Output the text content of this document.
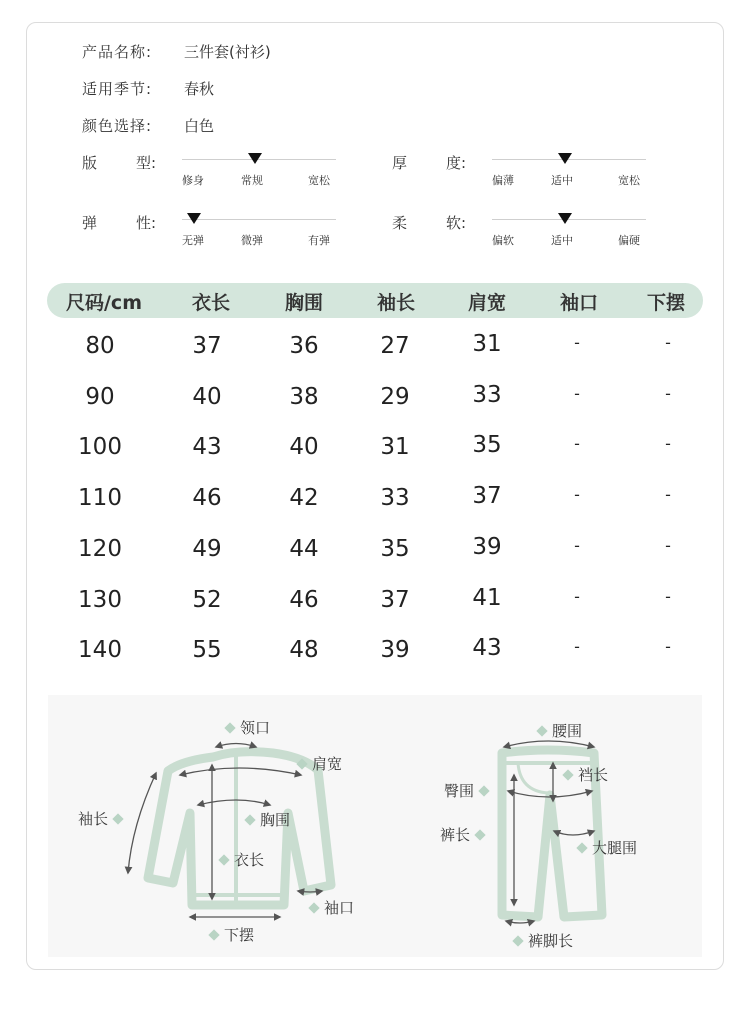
产品名称: 三件套(衬衫)
适用季节: 春秋
颜色选择: 白色
版	型:
修身	常规	宽松
厚	度:
偏薄	适中	宽松
弹	性:
无弹	微弹	有弹
柔	软:
偏软	适中	偏硬
尺码/cm	衣长	胸围	袖长	肩宽	袖口	下摆
80	37	36	27	31	-	-
90	40	38	29	33	-	-
100	43	40	31	35	-	-
110	46	42	33	37	-	-
120	49	44	35	39	-	-
130	52	46	37	41	-	-
140	55	48	39	43	-	-
领口
肩宽
袖长	胸围
衣长
袖口
下摆
腰围
裆长
臀围
裤长
大腿围
裤脚长
